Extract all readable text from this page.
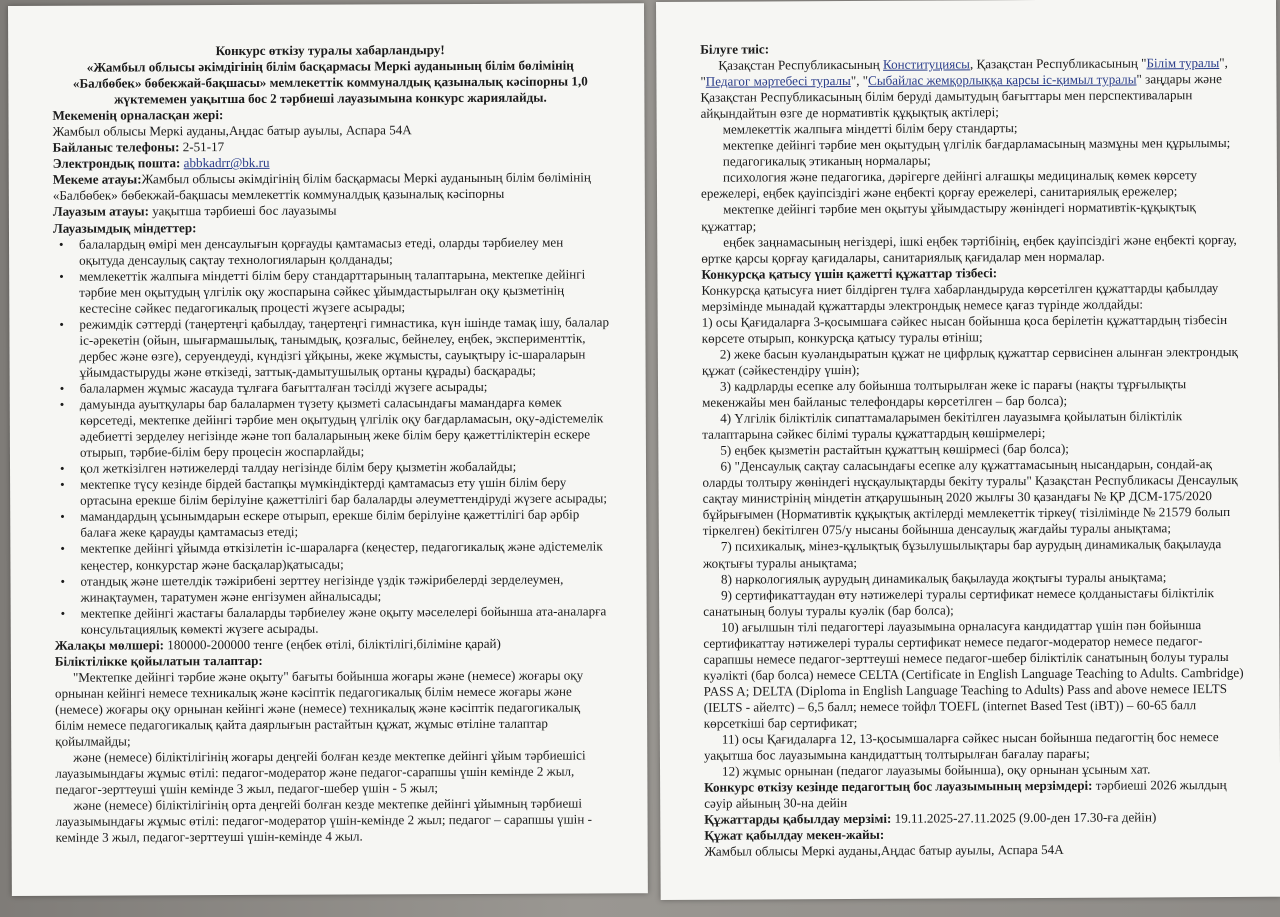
Конкурс өткізу туралы хабарландыру!

«Жамбыл облысы әкімдігінің білім басқармасы Меркі ауданының білім бөлімінің

«Балбөбек» бөбекжай-бақшасы» мемлекеттік коммуналдық қазыналық кәсіпорны 1,0

жүктемемен уақытша бос 2 тәрбиеші лауазымына конкурс жариялайды.

Мекеменің орналасқан жері:

Жамбыл облысы Меркі ауданы,Аңдас батыр ауылы, Аспара 54А

Байланыс телефоны: 2-51-17

Электрондық пошта: abbkadrr@bk.ru

Мекеме атауы:Жамбыл облысы әкімдігінің білім басқармасы Меркі ауданының білім бөлімінің «Балбөбек» бөбекжай-бақшасы мемлекеттік коммуналдық қазыналық кәсіпорны

Лауазым атауы: уақытша тәрбиеші бос лауазымы

Лауазымдық міндеттер:

• балалардың өмірі мен денсаулығын қорғауды қамтамасыз етеді, оларды тәрбиелеу мен оқытуда денсаулық сақтау технологияларын қолданады;
• мемлекеттік жалпыға міндетті білім беру стандарттарының талаптарына, мектепке дейінгі тәрбие мен оқытудың үлгілік оқу жоспарына сәйкес ұйымдастырылған оқу қызметінің кестесіне сәйкес педагогикалық процесті жүзеге асырады;
• режимдік сәттерді (таңертеңгі қабылдау, таңертеңгі гимнастика, күн ішінде тамақ ішу, балалар іс-әрекетін (ойын, шығармашылық, танымдық, қозғалыс, бейнелеу, еңбек, эксперименттік, дербес және өзге), серуендеуді, күндізгі ұйқыны, жеке жұмысты, сауықтыру іс-шараларын ұйымдастыруды және өткізеді, заттық-дамытушылық ортаны құрады) басқарады;
• балалармен жұмыс жасауда тұлғаға бағытталған тәсілді жүзеге асырады;
• дамуында ауытқулары бар балалармен түзету қызметі саласындағы мамандарға көмек көрсетеді, мектепке дейінгі тәрбие мен оқытудың үлгілік оқу бағдарламасын, оқу-әдістемелік әдебиетті зерделеу негізінде және топ балаларының жеке білім беру қажеттіліктерін ескере отырып, тәрбие-білім беру процесін жоспарлайды;
• қол жеткізілген нәтижелерді талдау негізінде білім беру қызметін жобалайды;
• мектепке түсу кезінде бірдей бастапқы мүмкіндіктерді қамтамасыз ету үшін білім беру ортасына ерекше білім берілуіне қажеттілігі бар балаларды әлеуметтендіруді жүзеге асырады;
• мамандардың ұсынымдарын ескере отырып, ерекше білім берілуіне қажеттілігі бар әрбір балаға жеке қарауды қамтамасыз етеді;
• мектепке дейінгі ұйымда өткізілетін іс-шараларға (кеңестер, педагогикалық және әдістемелік кеңестер, конкурстар және басқалар)қатысады;
• отандық және шетелдік тәжірибені зерттеу негізінде үздік тәжірибелерді зерделеумен, жинақтаумен, таратумен және енгізумен айналысады;
• мектепке дейінгі жастағы балаларды тәрбиелеу және оқыту мәселелері бойынша ата-аналарға консультациялық көмекті жүзеге асырады.

Жалақы мөлшері: 180000-200000 тенге (еңбек өтілі, біліктілігі,біліміне қарай)

Біліктілікке қойылатын талаптар:

"Мектепке дейінгі тәрбие және оқыту" бағыты бойынша жоғары және (немесе) жоғары оқу орнынан кейінгі немесе техникалық және кәсіптік педагогикалық білім немесе жоғары және (немесе) жоғары оқу орнынан кейінгі және (немесе) техникалық және кәсіптік педагогикалық білім немесе педагогикалық қайта даярлығын растайтын құжат, жұмыс өтіліне талаптар қойылмайды;

және (немесе) біліктілігінің жоғары деңгейі болған кезде мектепке дейінгі ұйым тәрбиешісі лауазымындағы жұмыс өтілі: педагог-модератор және педагог-сарапшы үшін кемінде 2 жыл, педагог-зерттеуші үшін кемінде 3 жыл, педагог-шебер үшін - 5 жыл;

және (немесе) біліктілігінің орта деңгейі болған кезде мектепке дейінгі ұйымның тәрбиеші лауазымындағы жұмыс өтілі: педагог-модератор үшін-кемінде 2 жыл; педагог – сарапшы үшін - кемінде 3 жыл, педагог-зерттеуші үшін-кемінде 4 жыл.

Білуге тиіс:

Қазақстан Республикасының Конституциясы, Қазақстан Республикасының "Білім туралы", "Педагог мәртебесі туралы", "Сыбайлас жемқорлыққа қарсы іс-қимыл туралы" заңдары және Қазақстан Республикасының білім беруді дамытудың бағыттары мен перспективаларын айқындайтын өзге де нормативтік құқықтық актілері;

мемлекеттік жалпыға міндетті білім беру стандарты;

мектепке дейінгі тәрбие мен оқытудың үлгілік бағдарламасының мазмұны мен құрылымы;

педагогикалық этиканың нормалары;

психология және педагогика, дәрігерге дейінгі алғашқы медициналық көмек көрсету ережелері, еңбек қауіпсіздігі және еңбекті қорғау ережелері, санитариялық ережелер;

мектепке дейінгі тәрбие мен оқытуы ұйымдастыру жөніндегі нормативтік-құқықтық құжаттар;

еңбек заңнамасының негіздері, ішкі еңбек тәртібінің, еңбек қауіпсіздігі және еңбекті қорғау, өртке қарсы қорғау қағидалары, санитариялық қағидалар мен нормалар.

Конкурсқа қатысу үшін қажетті құжаттар тізбесі:

Конкурсқа қатысуға ниет білдірген тұлға хабарландыруда көрсетілген құжаттарды қабылдау мерзімінде мынадай құжаттарды электрондық немесе қағаз түрінде жолдайды:

1) осы Қағидаларға 3-қосымшаға сәйкес нысан бойынша қоса берілетін құжаттардың тізбесін көрсете отырып, конкурсқа қатысу туралы өтініш;

2) жеке басын куәландыратын құжат не цифрлық құжаттар сервисінен алынған электрондық құжат (сәйкестендіру үшін);

3) кадрларды есепке алу бойынша толтырылған жеке іс парағы (нақты тұрғылықты мекенжайы мен байланыс телефондары көрсетілген – бар болса);

4) Үлгілік біліктілік сипаттамаларымен бекітілген лауазымға қойылатын біліктілік талаптарына сәйкес білімі туралы құжаттардың көшірмелері;

5) еңбек қызметін растайтын құжаттың көшірмесі (бар болса);

6) "Денсаулық сақтау саласындағы есепке алу құжаттамасының нысандарын, сондай-ақ оларды толтыру жөніндегі нұсқаулықтарды бекіту туралы" Қазақстан Республикасы Денсаулық сақтау министрінің міндетін атқарушының 2020 жылғы 30 қазандағы № ҚР ДСМ-175/2020 бұйрығымен (Нормативтік құқықтық актілерді мемлекеттік тіркеу( тізілімінде № 21579 болып тіркелген) бекітілген 075/у нысаны бойынша денсаулық жағдайы туралы анықтама;

7) психикалық, мінез-құлықтық бұзылушылықтары бар аурудың динамикалық бақылауда жоқтығы туралы анықтама;

8) наркологиялық аурудың динамикалық бақылауда жоқтығы туралы анықтама;

9) сертификаттаудан өту нәтижелері туралы сертификат немесе қолданыстағы біліктілік санатының болуы туралы куәлік (бар болса);

10) ағылшын тілі педагогтері лауазымына орналасуға кандидаттар үшін пән бойынша сертификаттау нәтижелері туралы сертификат немесе педагог-модератор немесе педагог-сарапшы немесе педагог-зерттеуші немесе педагог-шебер біліктілік санатының болуы туралы куәлікті (бар болса) немесе CELTA (Certificate in English Language Teaching to Adults. Cambridge) PASS A; DELTA (Diploma in English Language Teaching to Adults) Pass and above немесе IELTS (IELTS - айелтс) – 6,5 балл; немесе тойфл TOEFL (internet Based Test (iBT)) – 60-65 балл көрсеткіші бар сертификат;

11) осы Қағидаларға 12, 13-қосымшаларға сәйкес нысан бойынша педагогтің бос немесе уақытша бос лауазымына кандидаттың толтырылған бағалау парағы;

12) жұмыс орнынан (педагог лауазымы бойынша), оқу орнынан ұсыным хат.

Конкурс өткізу кезінде педагогтың бос лауазымының мерзімдері: тәрбиеші 2026 жылдың сәуір айының 30-на дейін

Құжаттарды қабылдау мерзімі: 19.11.2025-27.11.2025 (9.00-ден 17.30-ға дейін)

Құжат қабылдау мекен-жайы:

Жамбыл облысы Меркі ауданы,Аңдас батыр ауылы, Аспара 54А
